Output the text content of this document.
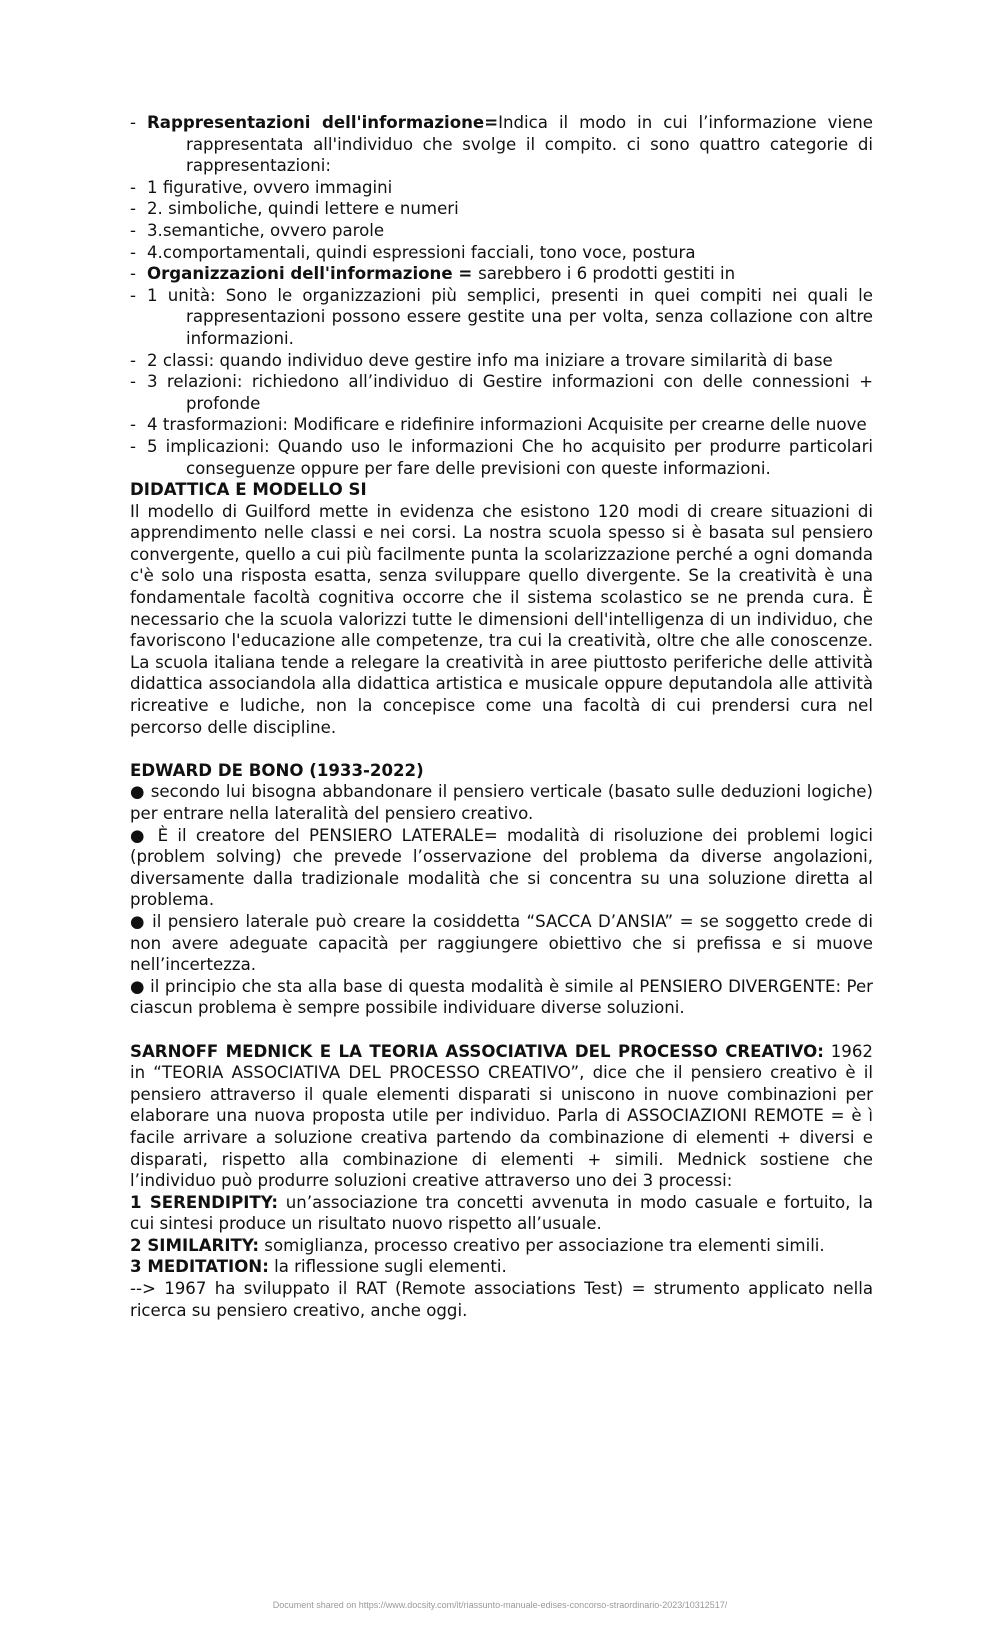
- Rappresentazioni dell'informazione=Indica il modo in cui l’informazione viene rappresentata all'individuo che svolge il compito. ci sono quattro categorie di rappresentazioni:
- 1 figurative, ovvero immagini
- 2. simboliche, quindi lettere e numeri
- 3.semantiche, ovvero parole
- 4.comportamentali, quindi espressioni facciali, tono voce, postura
- Organizzazioni dell'informazione = sarebbero i 6 prodotti gestiti in
- 1 unità: Sono le organizzazioni più semplici, presenti in quei compiti nei quali le rappresentazioni possono essere gestite una per volta, senza collazione con altre informazioni.
- 2 classi: quando individuo deve gestire info ma iniziare a trovare similarità di base
- 3 relazioni: richiedono all’individuo di Gestire informazioni con delle connessioni + profonde
- 4 trasformazioni: Modificare e ridefinire informazioni Acquisite per crearne delle nuove
- 5 implicazioni: Quando uso le informazioni Che ho acquisito per produrre particolari conseguenze oppure per fare delle previsioni con queste informazioni.
DIDATTICA E MODELLO SI
Il modello di Guilford mette in evidenza che esistono 120 modi di creare situazioni di apprendimento nelle classi e nei corsi. La nostra scuola spesso si è basata sul pensiero convergente, quello a cui più facilmente punta la scolarizzazione perché a ogni domanda c'è solo una risposta esatta, senza sviluppare quello divergente. Se la creatività è una fondamentale facoltà cognitiva occorre che il sistema scolastico se ne prenda cura. È necessario che la scuola valorizzi tutte le dimensioni dell'intelligenza di un individuo, che favoriscono l'educazione alle competenze, tra cui la creatività, oltre che alle conoscenze. La scuola italiana tende a relegare la creatività in aree piuttosto periferiche delle attività didattica associandola alla didattica artistica e musicale oppure deputandola alle attività ricreative e ludiche, non la concepisce come una facoltà di cui prendersi cura nel percorso delle discipline.
EDWARD DE BONO (1933-2022)
● secondo lui bisogna abbandonare il pensiero verticale (basato sulle deduzioni logiche) per entrare nella lateralità del pensiero creativo.
● È il creatore del PENSIERO LATERALE= modalità di risoluzione dei problemi logici (problem solving) che prevede l’osservazione del problema da diverse angolazioni, diversamente dalla tradizionale modalità che si concentra su una soluzione diretta al problema.
● il pensiero laterale può creare la cosiddetta “SACCA D’ANSIA” = se soggetto crede di non avere adeguate capacità per raggiungere obiettivo che si prefissa e si muove nell’incertezza.
● il principio che sta alla base di questa modalità è simile al PENSIERO DIVERGENTE: Per ciascun problema è sempre possibile individuare diverse soluzioni.
SARNOFF MEDNICK E LA TEORIA ASSOCIATIVA DEL PROCESSO CREATIVO: 1962 in “TEORIA ASSOCIATIVA DEL PROCESSO CREATIVO”, dice che il pensiero creativo è il pensiero attraverso il quale elementi disparati si uniscono in nuove combinazioni per elaborare una nuova proposta utile per individuo. Parla di ASSOCIAZIONI REMOTE = è ì facile arrivare a soluzione creativa partendo da combinazione di elementi + diversi e disparati, rispetto alla combinazione di elementi + simili. Mednick sostiene che l’individuo può produrre soluzioni creative attraverso uno dei 3 processi:
1 SERENDIPITY: un’associazione tra concetti avvenuta in modo casuale e fortuito, la cui sintesi produce un risultato nuovo rispetto all’usuale.
2 SIMILARITY: somiglianza, processo creativo per associazione tra elementi simili.
3 MEDITATION: la riflessione sugli elementi.
--> 1967 ha sviluppato il RAT (Remote associations Test) = strumento applicato nella ricerca su pensiero creativo, anche oggi.
Document shared on https://www.docsity.com/it/riassunto-manuale-edises-concorso-straordinario-2023/10312517/
